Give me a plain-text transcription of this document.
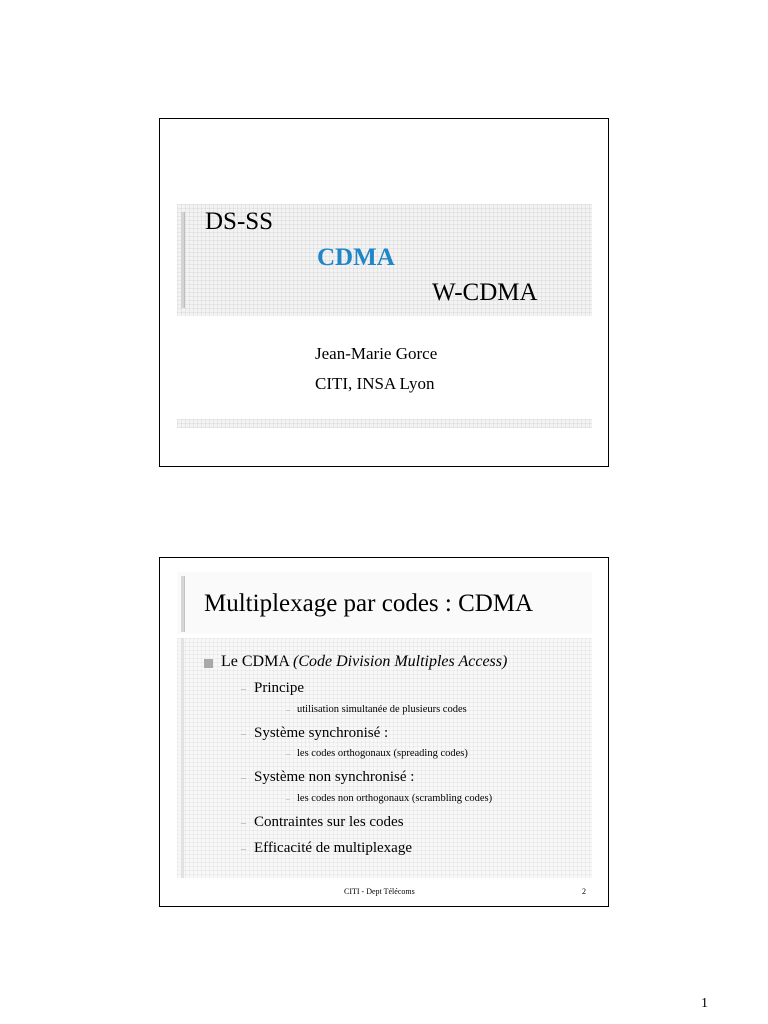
DS-SS
CDMA
W-CDMA
Jean-Marie Gorce
CITI, INSA Lyon
Multiplexage par codes : CDMA
Le CDMA (Code Division Multiples Access)
– Principe
– utilisation simultanée de plusieurs codes
– Système synchronisé :
– les codes orthogonaux (spreading codes)
– Système non synchronisé :
– les codes non orthogonaux (scrambling codes)
– Contraintes sur les codes
– Efficacité de multiplexage
CITI - Dept Télécoms	2
1
